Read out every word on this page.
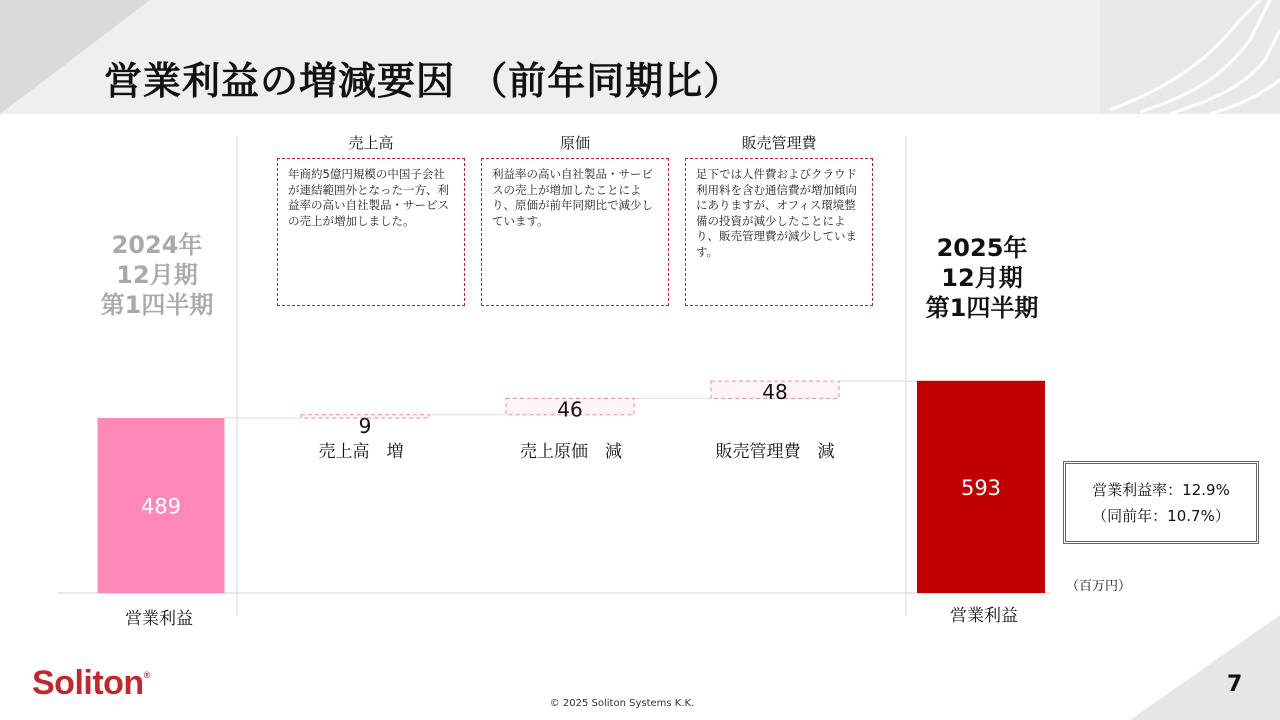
営業利益の増減要因 （前年同期比）
2024年
12月期
第1四半期
2025年
12月期
第1四半期
売上高	原価	販売管理費
年商約5億円規模の中国子会社が連結範囲外となった一方、利益率の高い自社製品・サービスの売上が増加しました。
利益率の高い自社製品・サービスの売上が増加したことにより、原価が前年同期比で減少しています。
足下では人件費およびクラウド利用料を含む通信費が増加傾向にありますが、オフィス環境整備の投資が減少したことにより、販売管理費が減少しています。
489
9
46
48
593
売上高　増	売上原価　減	販売管理費　減
営業利益	営業利益
営業利益率：12.9%
（同前年：10.7%）
（百万円）
Soliton®
© 2025 Soliton Systems K.K.
7
